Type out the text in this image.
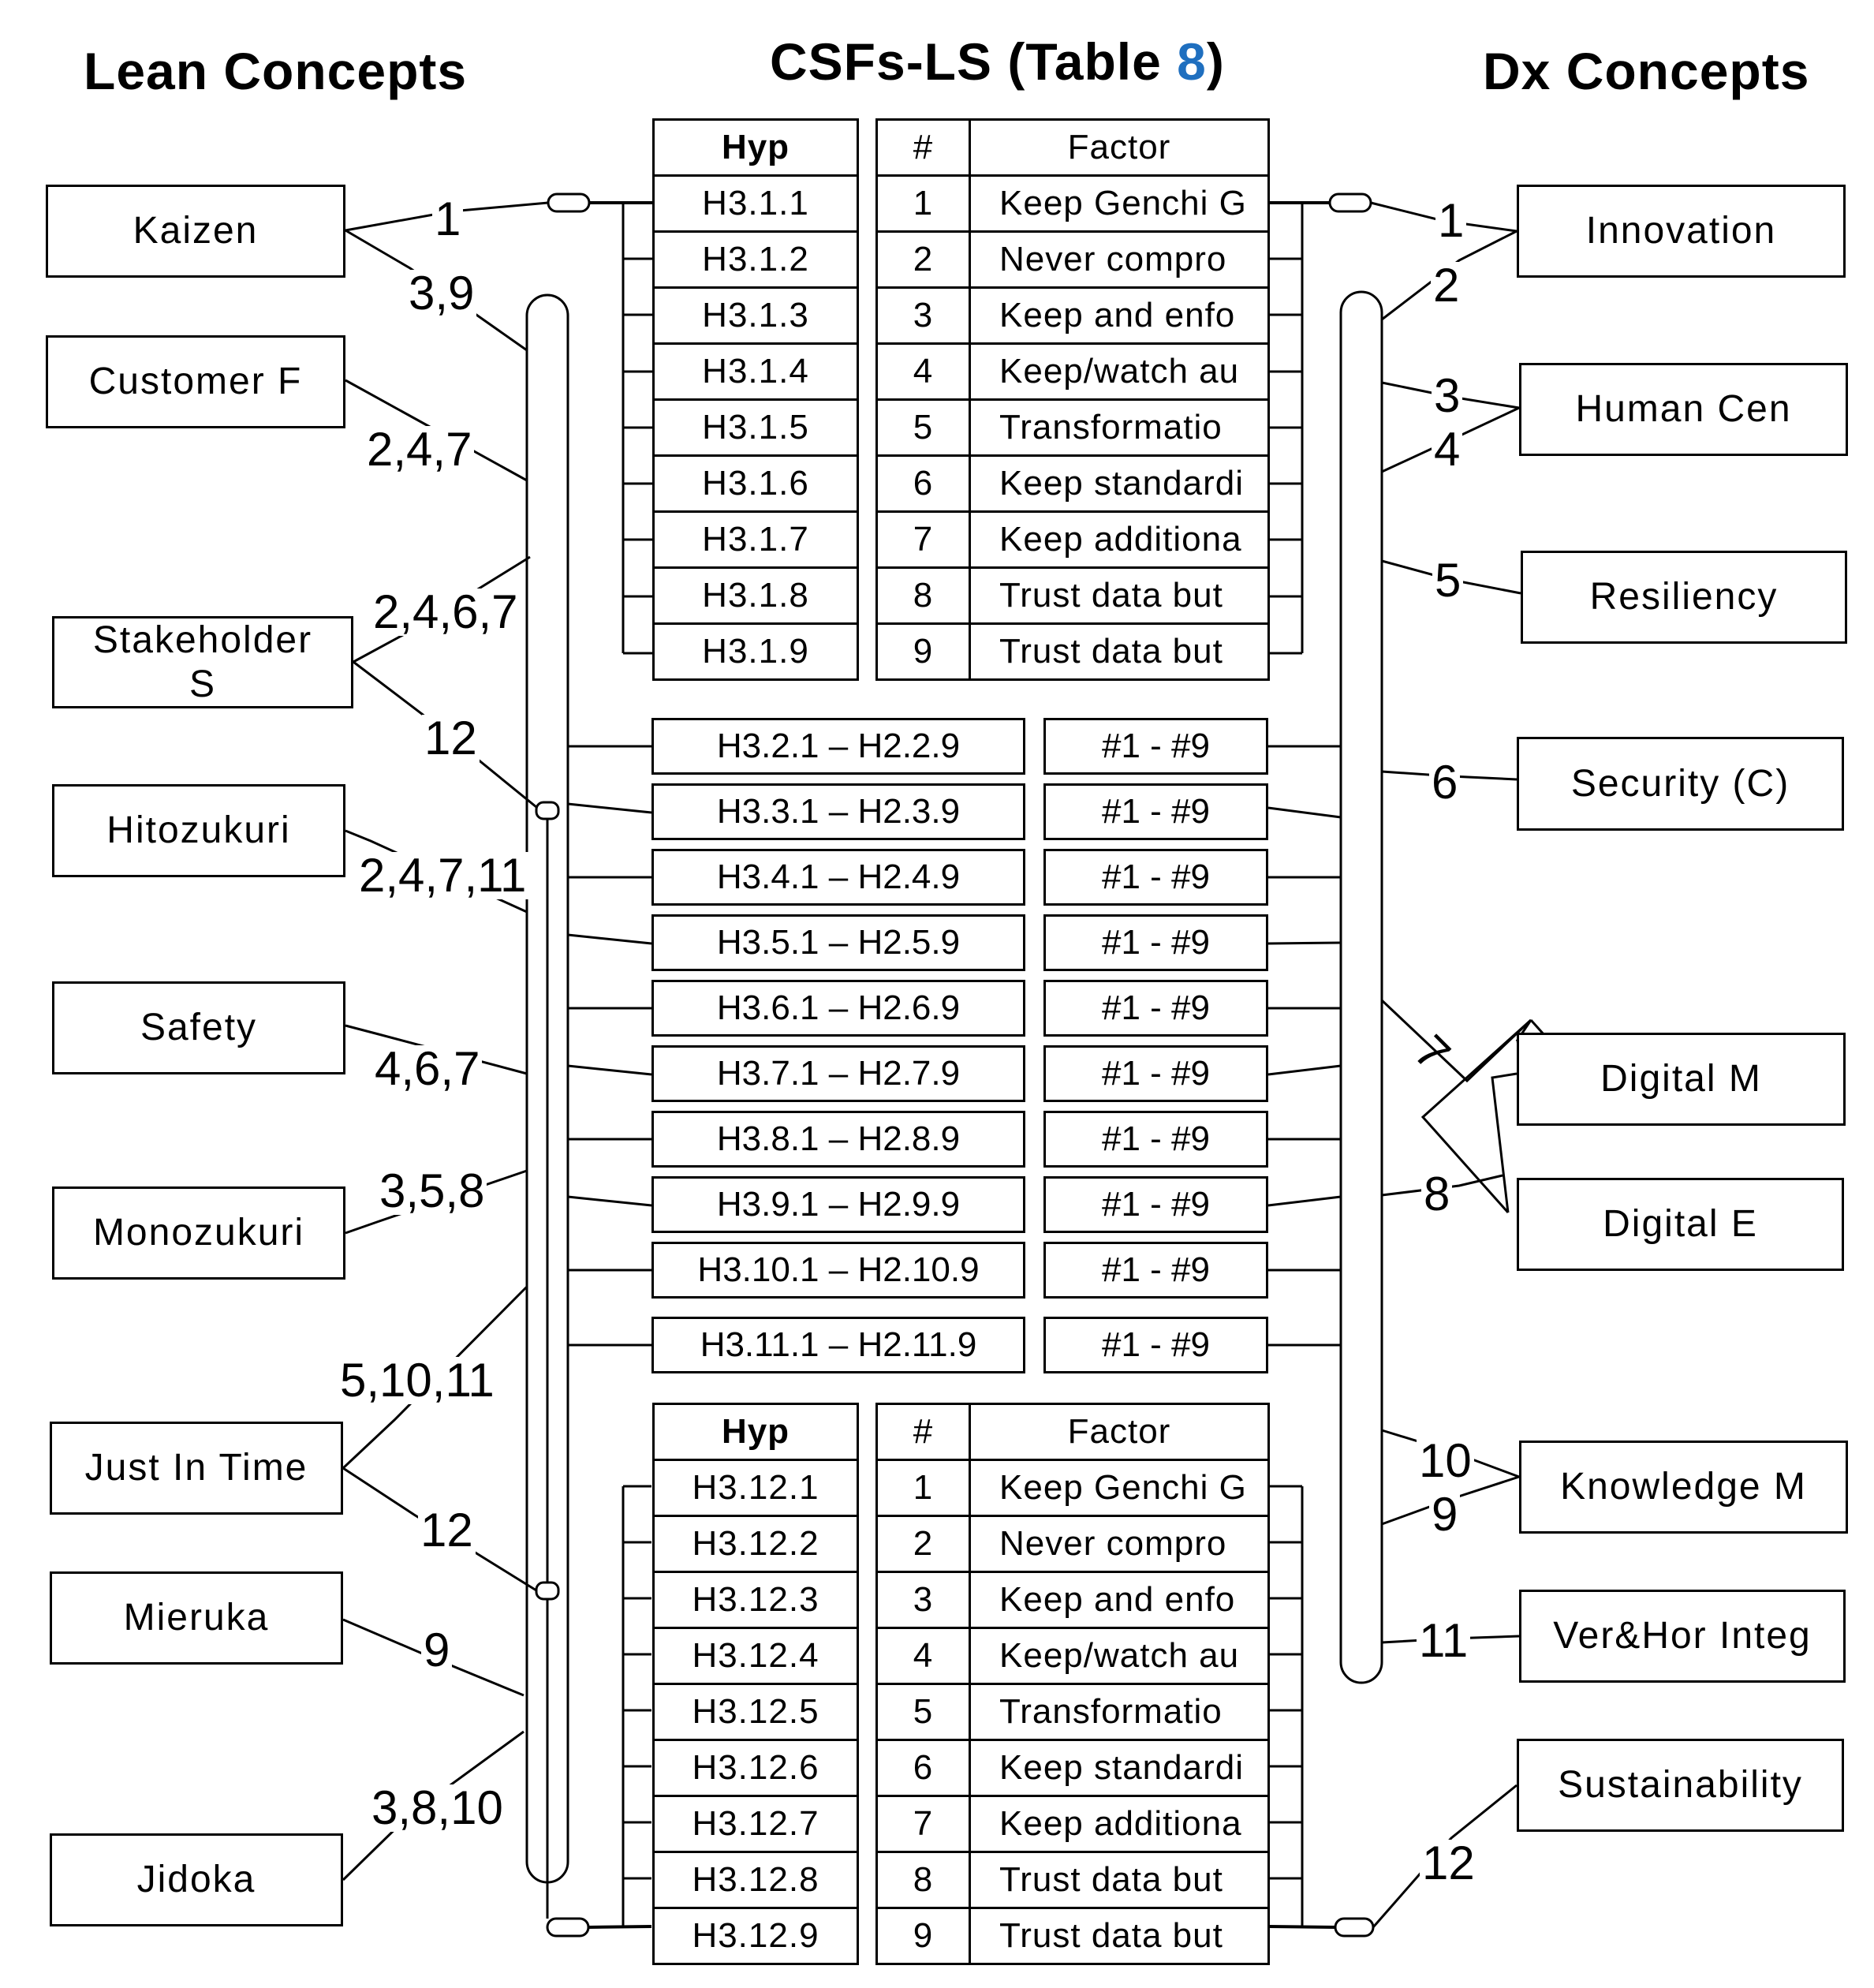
Lean Concepts	CSFs-LS (Table 8)	Dx Concepts
Kaizen
Customer F
Stakeholder S
Hitozukuri
Safety
Monozukuri
Just In Time
Mieruka
Jidoka
1
3,9
2,4,7
2,4,6,7
12
2,4,7,11
4,6,7
3,5,8
5,10,11
12
9
3,8,10
Hyp
H3.1.1
H3.1.2
H3.1.3
H3.1.4
H3.1.5
H3.1.6
H3.1.7
H3.1.8
H3.1.9
#	Factor
1	Keep Genchi G
2	Never compro
3	Keep and enfo
4	Keep/watch au
5	Transformatio
6	Keep standardi
7	Keep additiona
8	Trust data but
9	Trust data but
H3.2.1 – H2.2.9	#1 - #9
H3.3.1 – H2.3.9	#1 - #9
H3.4.1 – H2.4.9	#1 - #9
H3.5.1 – H2.5.9	#1 - #9
H3.6.1 – H2.6.9	#1 - #9
H3.7.1 – H2.7.9	#1 - #9
H3.8.1 – H2.8.9	#1 - #9
H3.9.1 – H2.9.9	#1 - #9
H3.10.1 – H2.10.9	#1 - #9
H3.11.1 – H2.11.9	#1 - #9
Hyp
H3.12.1
H3.12.2
H3.12.3
H3.12.4
H3.12.5
H3.12.6
H3.12.7
H3.12.8
H3.12.9
#	Factor
1	Keep Genchi G
2	Never compro
3	Keep and enfo
4	Keep/watch au
5	Transformatio
6	Keep standardi
7	Keep additiona
8	Trust data but
9	Trust data but
Innovation
Human Cen
Resiliency
Security (C)
Digital M
Digital E
Knowledge M
Ver&Hor Integ
Sustainability
1
2
3
4
5
6
7
8
10
9
11
12
